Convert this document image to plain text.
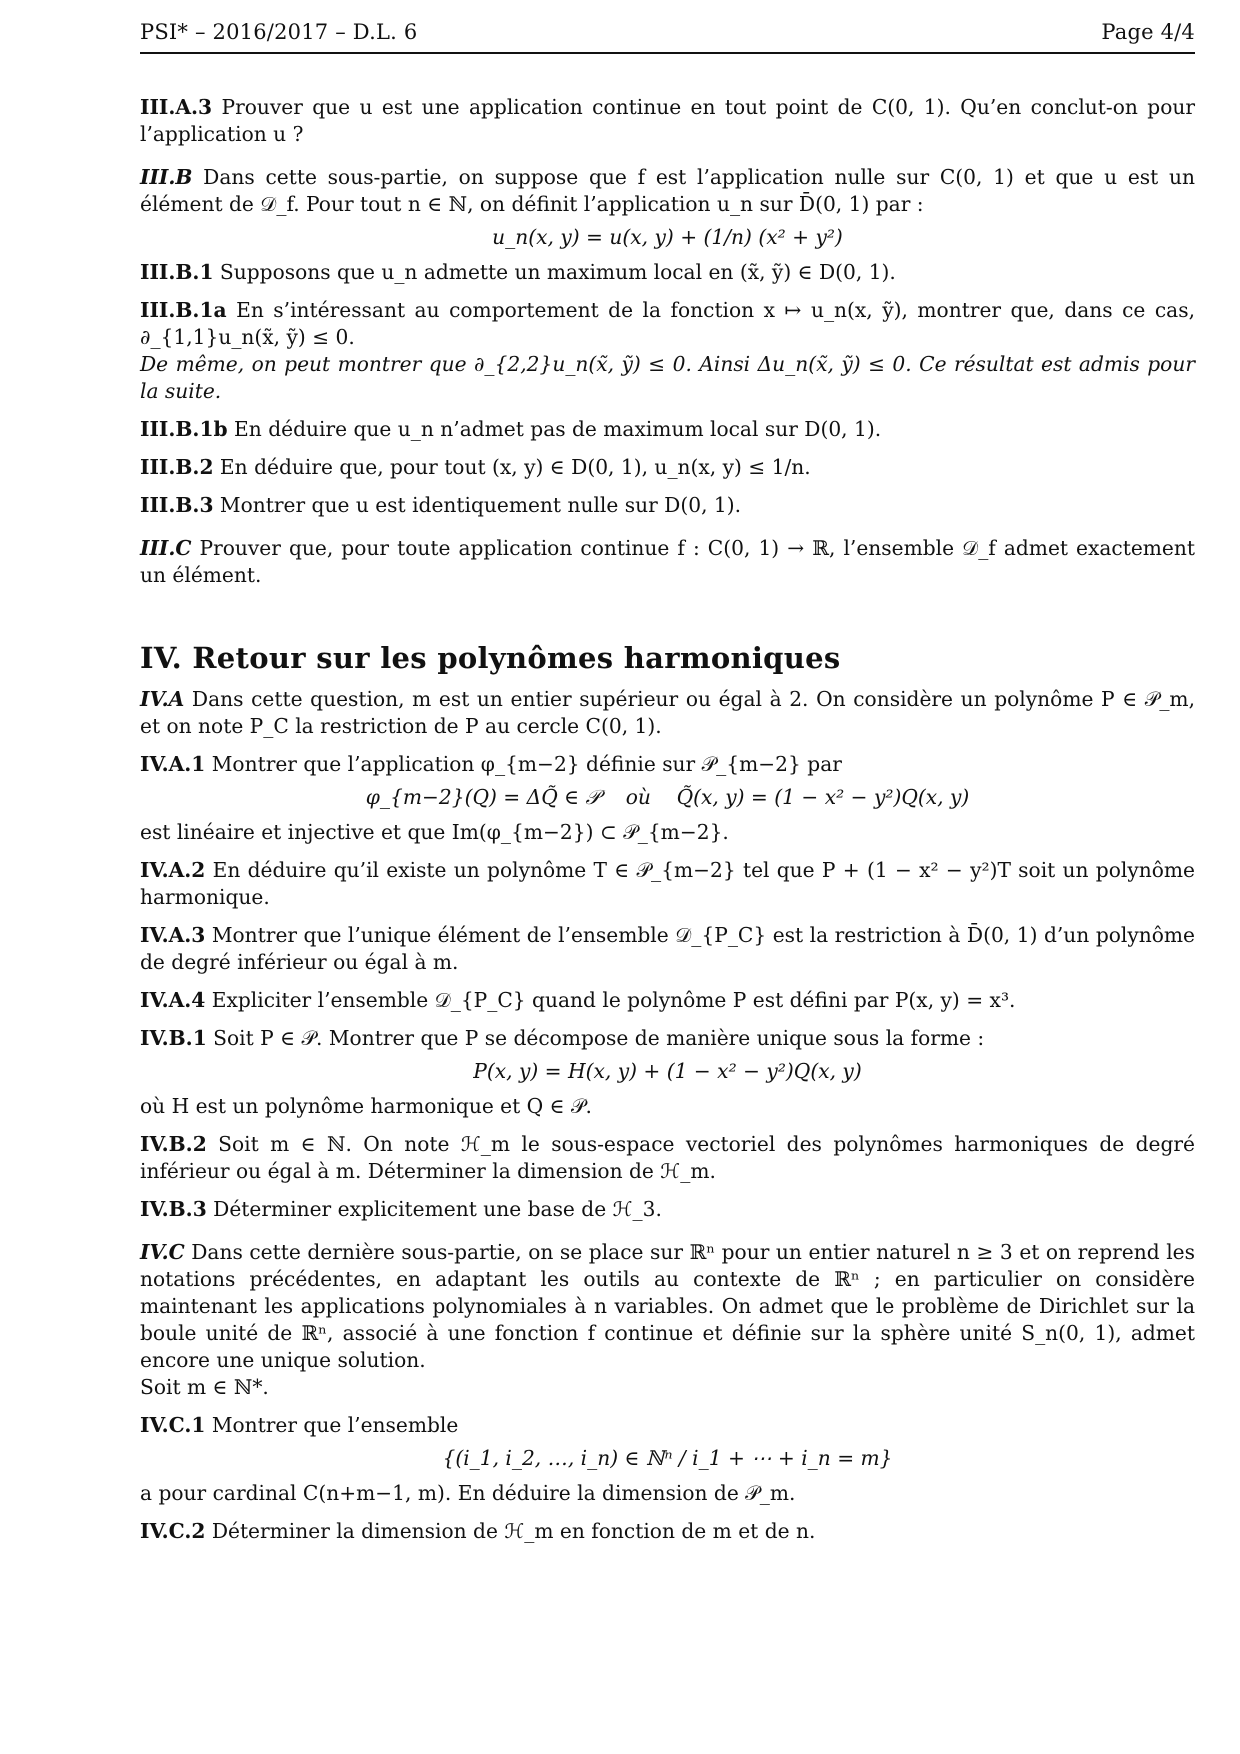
PSI* – 2016/2017 – D.L. 6	Page 4/4

III.A.3 Prouver que u est une application continue en tout point de C(0, 1). Qu’en conclut-on pour l’application u ?

III.B Dans cette sous-partie, on suppose que f est l’application nulle sur C(0, 1) et que u est un élément de 𝒟_f. Pour tout n ∈ ℕ, on définit l’application u_n sur D̄(0, 1) par :

u_n(x, y) = u(x, y) + (1/n) (x² + y²)

III.B.1 Supposons que u_n admette un maximum local en (x̃, ỹ) ∈ D(0, 1).

III.B.1a En s’intéressant au comportement de la fonction x ↦ u_n(x, ỹ), montrer que, dans ce cas, ∂_{1,1}u_n(x̃, ỹ) ≤ 0.

De même, on peut montrer que ∂_{2,2}u_n(x̃, ỹ) ≤ 0. Ainsi Δu_n(x̃, ỹ) ≤ 0. Ce résultat est admis pour la suite.

III.B.1b En déduire que u_n n’admet pas de maximum local sur D(0, 1).

III.B.2 En déduire que, pour tout (x, y) ∈ D(0, 1), u_n(x, y) ≤ 1/n.

III.B.3 Montrer que u est identiquement nulle sur D(0, 1).

III.C Prouver que, pour toute application continue f : C(0, 1) → ℝ, l’ensemble 𝒟_f admet exactement un élément.

IV. Retour sur les polynômes harmoniques

IV.A Dans cette question, m est un entier supérieur ou égal à 2. On considère un polynôme P ∈ 𝒫_m, et on note P_C la restriction de P au cercle C(0, 1).

IV.A.1 Montrer que l’application φ_{m−2} définie sur 𝒫_{m−2} par

φ_{m−2}(Q) = ΔQ̃ ∈ 𝒫    où    Q̃(x, y) = (1 − x² − y²)Q(x, y)

est linéaire et injective et que Im(φ_{m−2}) ⊂ 𝒫_{m−2}.

IV.A.2 En déduire qu’il existe un polynôme T ∈ 𝒫_{m−2} tel que P + (1 − x² − y²)T soit un polynôme harmonique.

IV.A.3 Montrer que l’unique élément de l’ensemble 𝒟_{P_C} est la restriction à D̄(0, 1) d’un polynôme de degré inférieur ou égal à m.

IV.A.4 Expliciter l’ensemble 𝒟_{P_C} quand le polynôme P est défini par P(x, y) = x³.

IV.B.1 Soit P ∈ 𝒫. Montrer que P se décompose de manière unique sous la forme :

P(x, y) = H(x, y) + (1 − x² − y²)Q(x, y)

où H est un polynôme harmonique et Q ∈ 𝒫.

IV.B.2 Soit m ∈ ℕ. On note ℋ_m le sous-espace vectoriel des polynômes harmoniques de degré inférieur ou égal à m. Déterminer la dimension de ℋ_m.

IV.B.3 Déterminer explicitement une base de ℋ_3.

IV.C Dans cette dernière sous-partie, on se place sur ℝⁿ pour un entier naturel n ≥ 3 et on reprend les notations précédentes, en adaptant les outils au contexte de ℝⁿ ; en particulier on considère maintenant les applications polynomiales à n variables. On admet que le problème de Dirichlet sur la boule unité de ℝⁿ, associé à une fonction f continue et définie sur la sphère unité S_n(0, 1), admet encore une unique solution.

Soit m ∈ ℕ*.

IV.C.1 Montrer que l’ensemble

{(i_1, i_2, …, i_n) ∈ ℕⁿ / i_1 + ⋯ + i_n = m}

a pour cardinal C(n+m−1, m). En déduire la dimension de 𝒫_m.

IV.C.2 Déterminer la dimension de ℋ_m en fonction de m et de n.
